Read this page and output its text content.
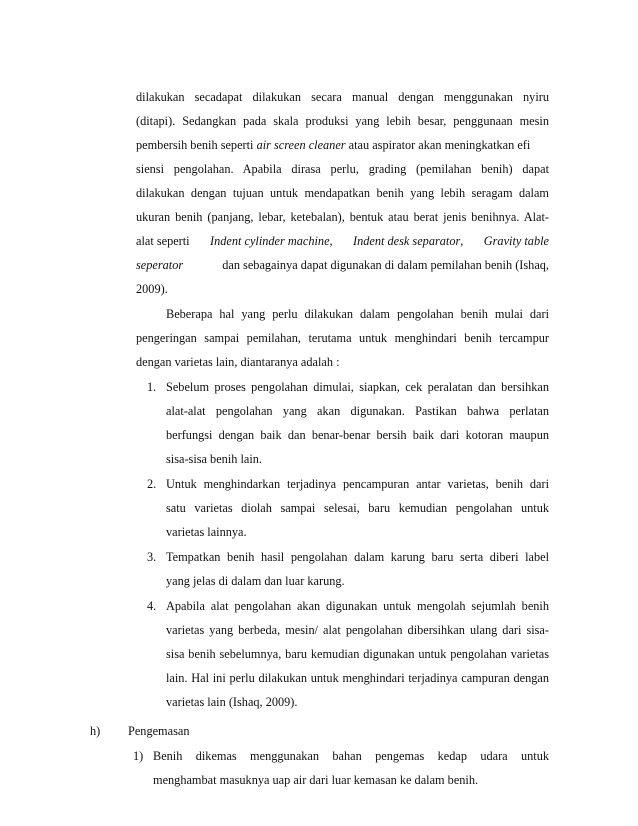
dilakukan secadapat dilakukan secara manual dengan menggunakan nyiru
(ditapi). Sedangkan pada skala produksi yang lebih besar, penggunaan mesin
pembersih benih seperti air screen cleaner atau aspirator akan meningkatkan efi
siensi pengolahan. Apabila dirasa perlu, grading (pemilahan benih) dapat
dilakukan dengan tujuan untuk mendapatkan benih yang lebih seragam dalam
ukuran benih (panjang, lebar, ketebalan), bentuk atau berat jenis benihnya. Alat-
alat seperti Indent cylinder machine, Indent desk separator, Gravity table
seperator	dan sebagainya dapat digunakan di dalam pemilahan benih (Ishaq,
2009).
Beberapa hal yang perlu dilakukan dalam pengolahan benih mulai dari
pengeringan sampai pemilahan, terutama untuk menghindari benih tercampur
dengan varietas lain, diantaranya adalah :
1. Sebelum proses pengolahan dimulai, siapkan, cek peralatan dan bersihkan
alat-alat pengolahan yang akan digunakan. Pastikan bahwa perlatan
berfungsi dengan baik dan benar-benar bersih baik dari kotoran maupun
sisa-sisa benih lain.
2. Untuk menghindarkan terjadinya pencampuran antar varietas, benih dari
satu varietas diolah sampai selesai, baru kemudian pengolahan untuk
varietas lainnya.
3. Tempatkan benih hasil pengolahan dalam karung baru serta diberi label
yang jelas di dalam dan luar karung.
4. Apabila alat pengolahan akan digunakan untuk mengolah sejumlah benih
varietas yang berbeda, mesin/ alat pengolahan dibersihkan ulang dari sisa-
sisa benih sebelumnya, baru kemudian digunakan untuk pengolahan varietas
lain. Hal ini perlu dilakukan untuk menghindari terjadinya campuran dengan
varietas lain (Ishaq, 2009).
h) Pengemasan
1) Benih dikemas menggunakan bahan pengemas kedap udara untuk
menghambat masuknya uap air dari luar kemasan ke dalam benih.
